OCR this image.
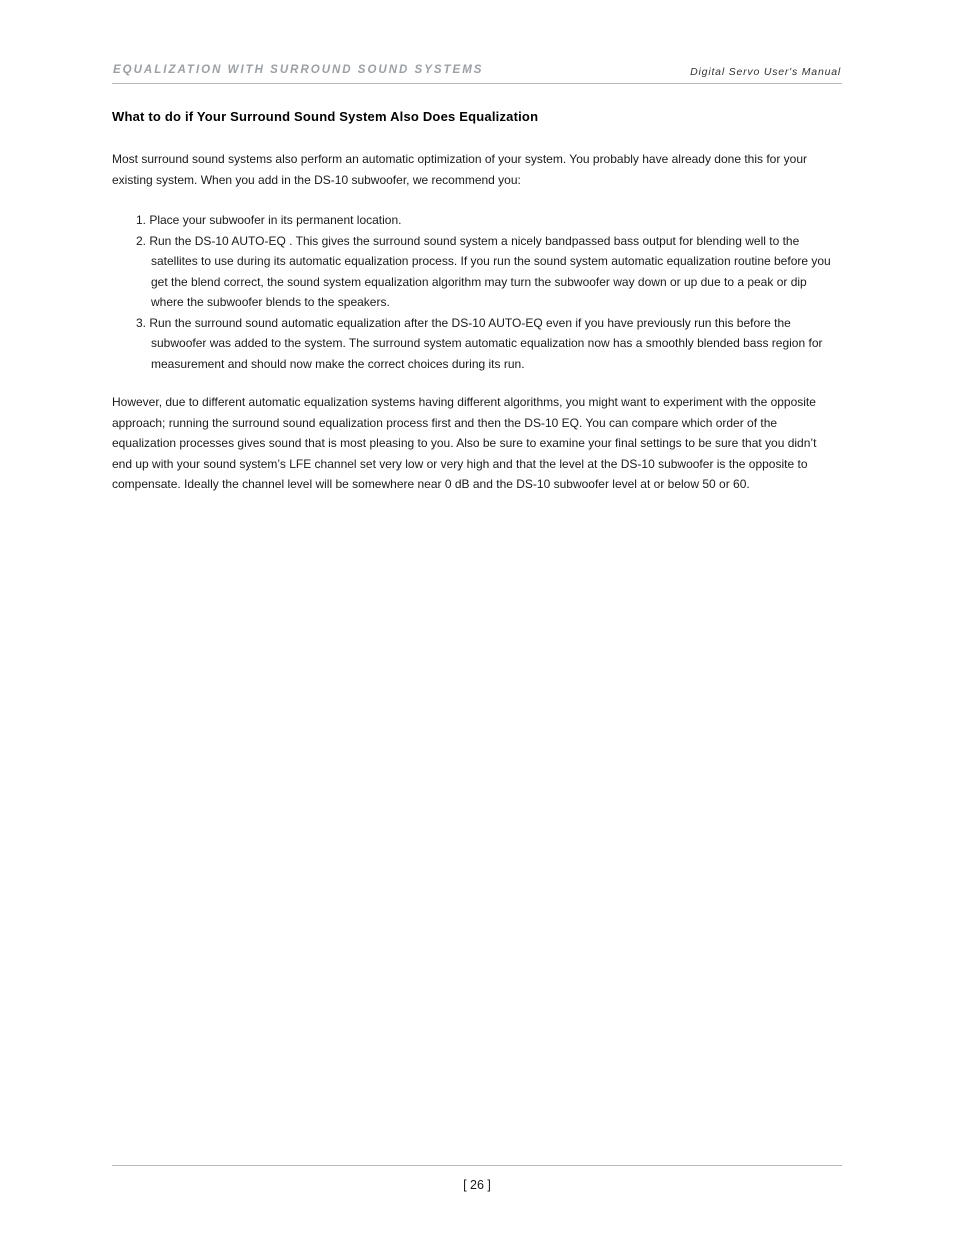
EQUALIZATION WITH SURROUND SOUND SYSTEMS	Digital Servo User's Manual
What to do if Your Surround Sound System Also Does Equalization

Most surround sound systems also perform an automatic optimization of your system. You probably have already done this for your existing system. When you add in the DS-10 subwoofer, we recommend you:

1. Place your subwoofer in its permanent location.
2. Run the DS-10 AUTO-EQ . This gives the surround sound system a nicely bandpassed bass output for blending well to the satellites to use during its automatic equalization process. If you run the sound system automatic equalization routine before you get the blend correct, the sound system equalization algorithm may turn the subwoofer way down or up due to a peak or dip where the subwoofer blends to the speakers.
3. Run the surround sound automatic equalization after the DS-10 AUTO-EQ even if you have previously run this before the subwoofer was added to the system. The surround system automatic equalization now has a smoothly blended bass region for measurement and should now make the correct choices during its run.

However, due to different automatic equalization systems having different algorithms, you might want to experiment with the opposite approach; running the surround sound equalization process first and then the DS-10 EQ. You can compare which order of the equalization processes gives sound that is most pleasing to you. Also be sure to examine your final settings to be sure that you didn’t end up with your sound system’s LFE channel set very low or very high and that the level at the DS-10 subwoofer is the opposite to compensate. Ideally the channel level will be somewhere near 0 dB and the DS-10 subwoofer level at or below 50 or 60.

[ 26 ]
